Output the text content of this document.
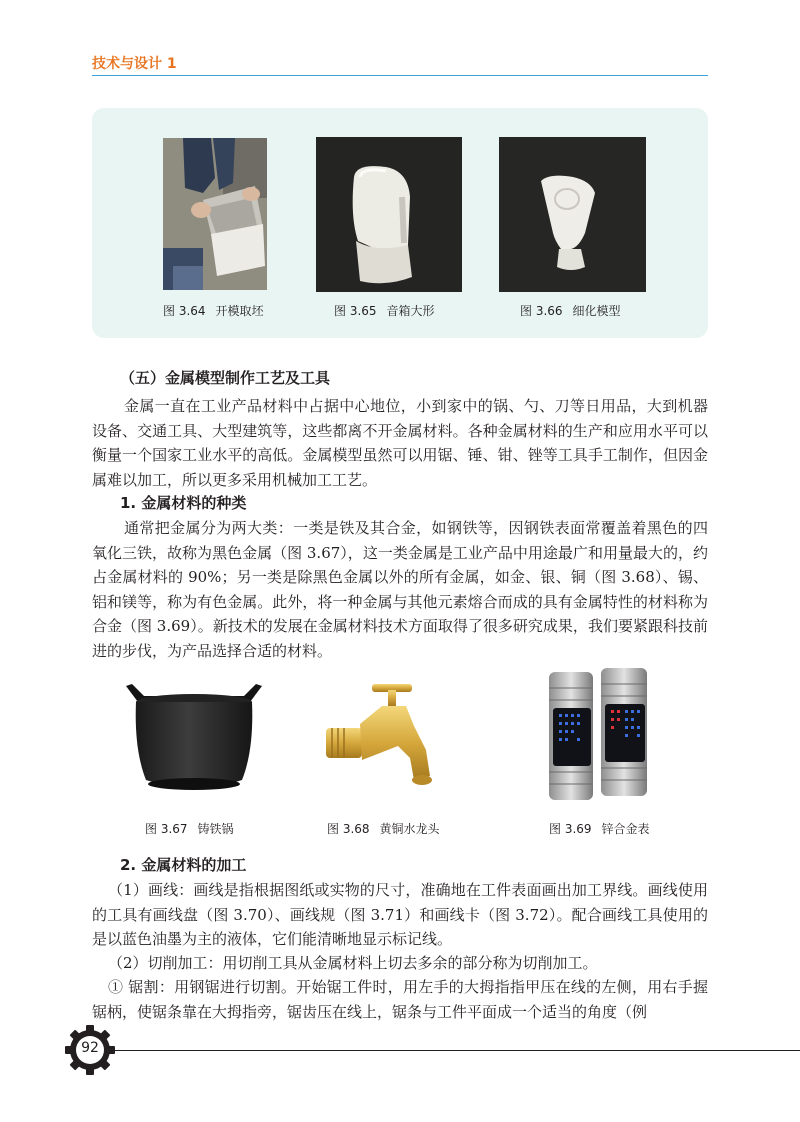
技术与设计 1
图 3.64 开模取坯	图 3.65 音箱大形	图 3.66 细化模型
（五）金属模型制作工艺及工具

金属一直在工业产品材料中占据中心地位，小到家中的锅、勺、刀等日用品，大到机器设备、交通工具、大型建筑等，这些都离不开金属材料。各种金属材料的生产和应用水平可以衡量一个国家工业水平的高低。金属模型虽然可以用锯、锤、钳、锉等工具手工制作，但因金属难以加工，所以更多采用机械加工工艺。

1. 金属材料的种类

通常把金属分为两大类：一类是铁及其合金，如钢铁等，因钢铁表面常覆盖着黑色的四氧化三铁，故称为黑色金属（图 3.67），这一类金属是工业产品中用途最广和用量最大的，约占金属材料的 90%；另一类是除黑色金属以外的所有金属，如金、银、铜（图 3.68）、锡、铝和镁等，称为有色金属。此外，将一种金属与其他元素熔合而成的具有金属特性的材料称为合金（图 3.69）。新技术的发展在金属材料技术方面取得了很多研究成果，我们要紧跟科技前进的步伐，为产品选择合适的材料。

图 3.67 铸铁锅	图 3.68 黄铜水龙头	图 3.69 锌合金表
2. 金属材料的加工

（1）画线：画线是指根据图纸或实物的尺寸，准确地在工件表面画出加工界线。画线使用的工具有画线盘（图 3.70）、画线规（图 3.71）和画线卡（图 3.72）。配合画线工具使用的是以蓝色油墨为主的液体，它们能清晰地显示标记线。

（2）切削加工：用切削工具从金属材料上切去多余的部分称为切削加工。

① 锯割：用钢锯进行切割。开始锯工件时，用左手的大拇指指甲压在线的左侧，用右手握锯柄，使锯条靠在大拇指旁，锯齿压在线上，锯条与工件平面成一个适当的角度（例

92
